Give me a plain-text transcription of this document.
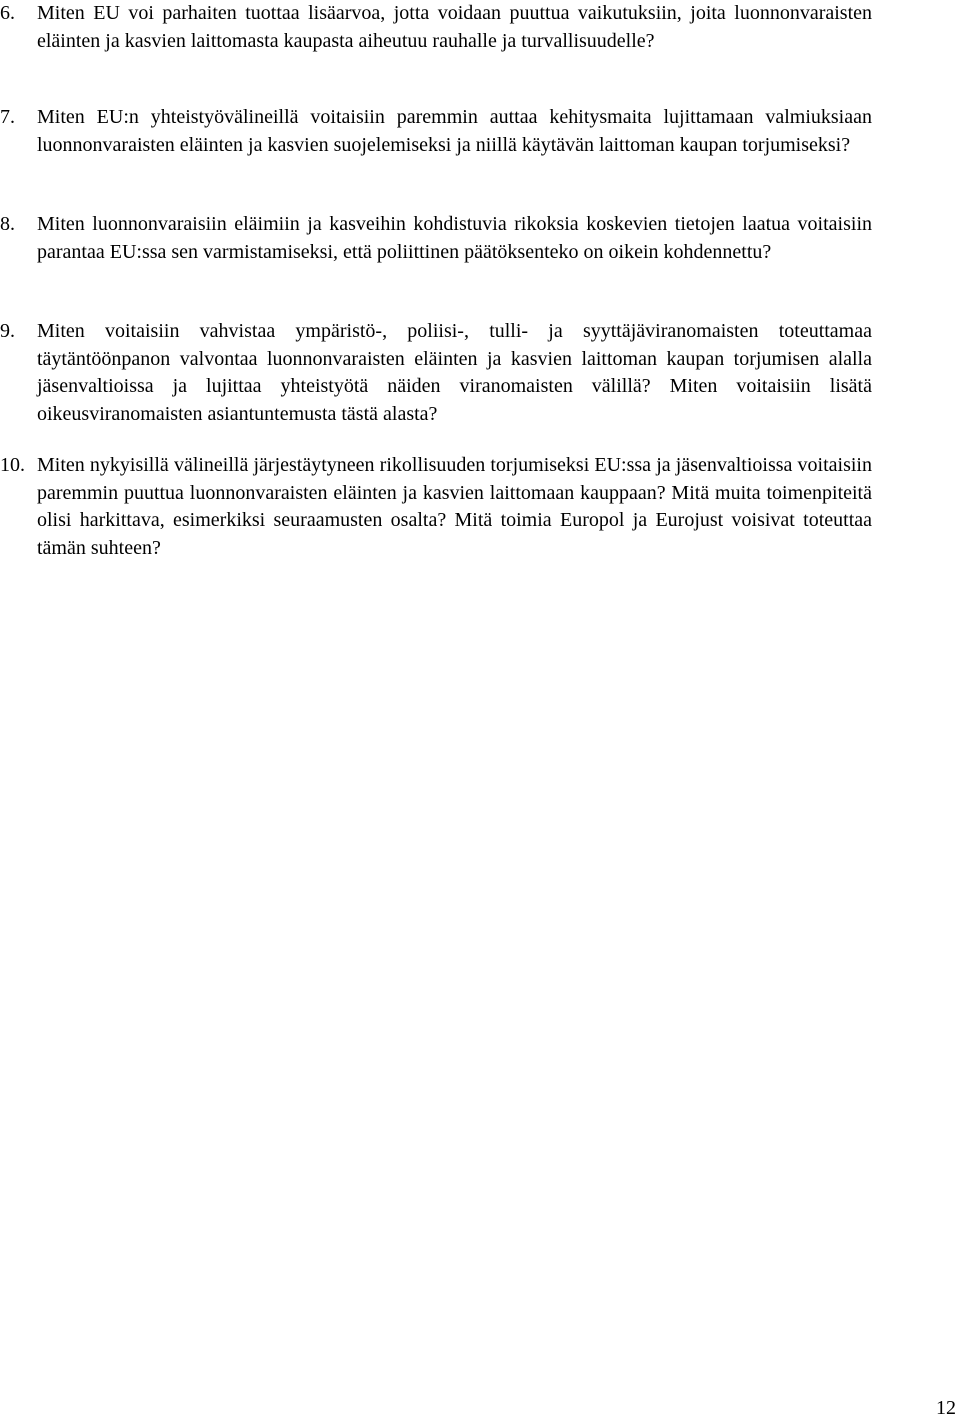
6.	Miten EU voi parhaiten tuottaa lisäarvoa, jotta voidaan puuttua vaikutuksiin, joita luonnonvaraisten eläinten ja kasvien laittomasta kaupasta aiheutuu rauhalle ja turvallisuudelle?
7.	Miten EU:n yhteistyövälineillä voitaisiin paremmin auttaa kehitysmaita lujittamaan valmiuksiaan luonnonvaraisten eläinten ja kasvien suojelemiseksi ja niillä käytävän laittoman kaupan torjumiseksi?
8.	Miten luonnonvaraisiin eläimiin ja kasveihin kohdistuvia rikoksia koskevien tietojen laatua voitaisiin parantaa EU:ssa sen varmistamiseksi, että poliittinen päätöksenteko on oikein kohdennettu?
9.	Miten voitaisiin vahvistaa ympäristö-, poliisi-, tulli- ja syyttäjäviranomaisten toteuttamaa täytäntöönpanon valvontaa luonnonvaraisten eläinten ja kasvien laittoman kaupan torjumisen alalla jäsenvaltioissa ja lujittaa yhteistyötä näiden viranomaisten välillä? Miten voitaisiin lisätä oikeusviranomaisten asiantuntemusta tästä alasta?
10. Miten nykyisillä välineillä järjestäytyneen rikollisuuden torjumiseksi EU:ssa ja jäsenvaltioissa voitaisiin paremmin puuttua luonnonvaraisten eläinten ja kasvien laittomaan kauppaan? Mitä muita toimenpiteitä olisi harkittava, esimerkiksi seuraamusten osalta? Mitä toimia Europol ja Eurojust voisivat toteuttaa tämän suhteen?
12
